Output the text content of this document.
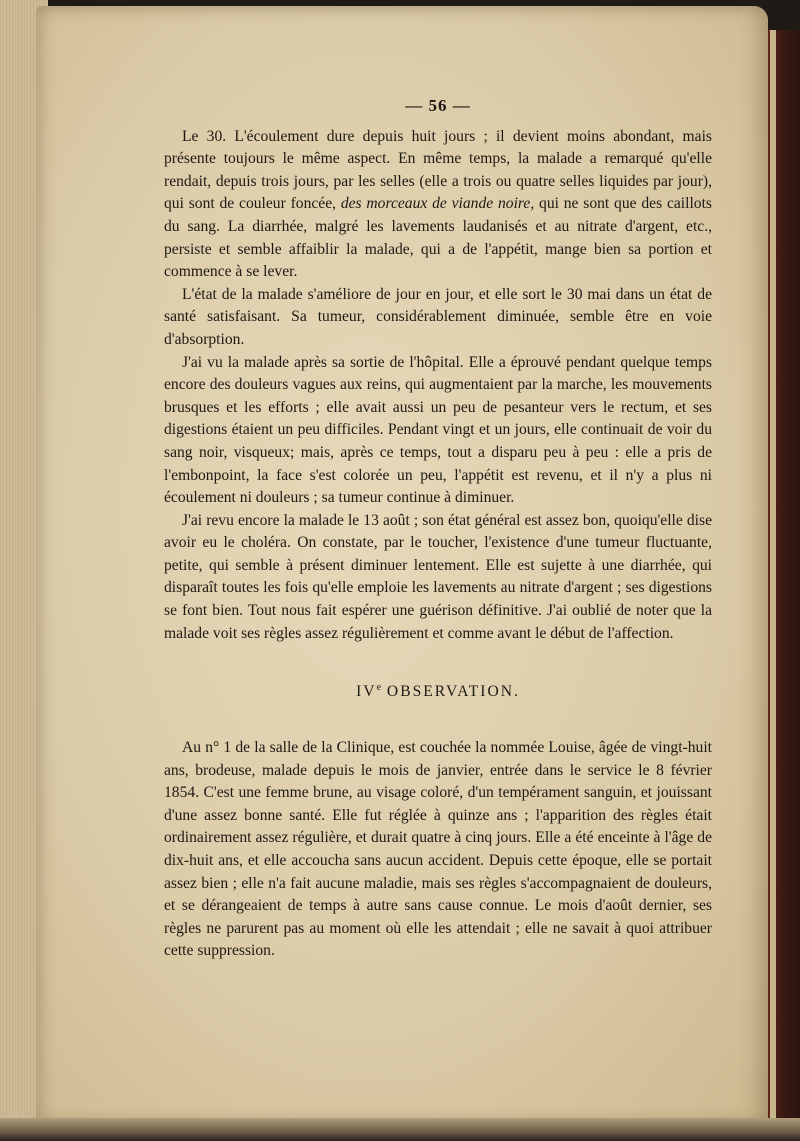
— 56 —

Le 30. L'écoulement dure depuis huit jours ; il devient moins abondant, mais présente toujours le même aspect. En même temps, la malade a remarqué qu'elle rendait, depuis trois jours, par les selles (elle a trois ou quatre selles liquides par jour), qui sont de couleur foncée, des morceaux de viande noire, qui ne sont que des caillots du sang. La diarrhée, malgré les lavements laudanisés et au nitrate d'argent, etc., persiste et semble affaiblir la malade, qui a de l'appétit, mange bien sa portion et commence à se lever.

L'état de la malade s'améliore de jour en jour, et elle sort le 30 mai dans un état de santé satisfaisant. Sa tumeur, considérablement diminuée, semble être en voie d'absorption.

J'ai vu la malade après sa sortie de l'hôpital. Elle a éprouvé pendant quelque temps encore des douleurs vagues aux reins, qui augmentaient par la marche, les mouvements brusques et les efforts ; elle avait aussi un peu de pesanteur vers le rectum, et ses digestions étaient un peu difficiles. Pendant vingt et un jours, elle continuait de voir du sang noir, visqueux; mais, après ce temps, tout a disparu peu à peu : elle a pris de l'embonpoint, la face s'est colorée un peu, l'appétit est revenu, et il n'y a plus ni écoulement ni douleurs ; sa tumeur continue à diminuer.

J'ai revu encore la malade le 13 août ; son état général est assez bon, quoiqu'elle dise avoir eu le choléra. On constate, par le toucher, l'existence d'une tumeur fluctuante, petite, qui semble à présent diminuer lentement. Elle est sujette à une diarrhée, qui disparaît toutes les fois qu'elle emploie les lavements au nitrate d'argent ; ses digestions se font bien. Tout nous fait espérer une guérison définitive. J'ai oublié de noter que la malade voit ses règles assez régulièrement et comme avant le début de l'affection.

IVe OBSERVATION.

Au n° 1 de la salle de la Clinique, est couchée la nommée Louise, âgée de vingt-huit ans, brodeuse, malade depuis le mois de janvier, entrée dans le service le 8 février 1854. C'est une femme brune, au visage coloré, d'un tempérament sanguin, et jouissant d'une assez bonne santé. Elle fut réglée à quinze ans ; l'apparition des règles était ordinairement assez régulière, et durait quatre à cinq jours. Elle a été enceinte à l'âge de dix-huit ans, et elle accoucha sans aucun accident. Depuis cette époque, elle se portait assez bien ; elle n'a fait aucune maladie, mais ses règles s'accompagnaient de douleurs, et se dérangeaient de temps à autre sans cause connue. Le mois d'août dernier, ses règles ne parurent pas au moment où elle les attendait ; elle ne savait à quoi attribuer cette suppression.
